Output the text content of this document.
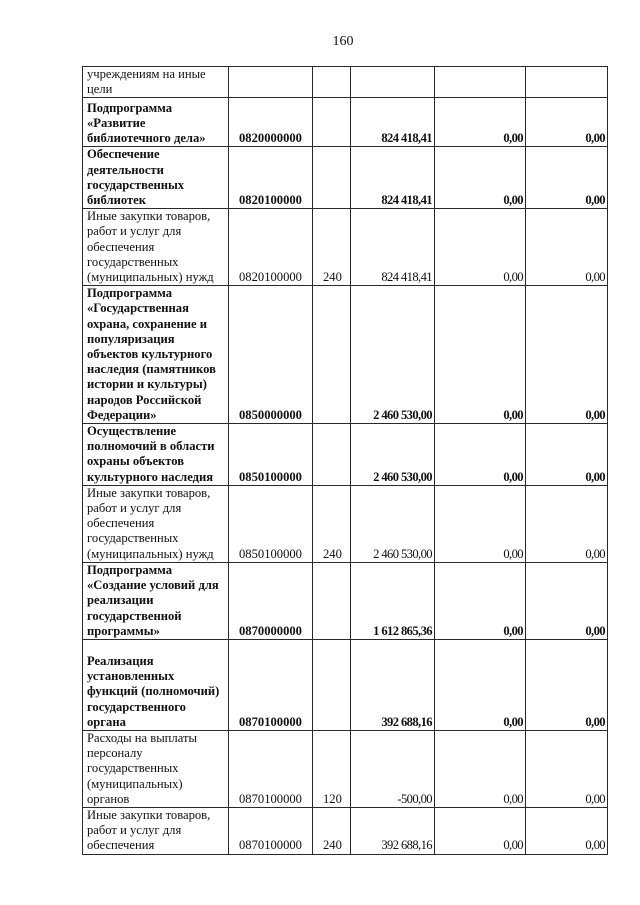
160
учреждениям на иные цели					
Подпрограмма «Развитие библиотечного дела»	0820000000		824 418,41	0,00	0,00
Обеспечение деятельности государственных библиотек	0820100000		824 418,41	0,00	0,00
Иные закупки товаров, работ и услуг для обеспечения государственных (муниципальных) нужд	0820100000	240	824 418,41	0,00	0,00
Подпрограмма «Государственная охрана, сохранение и популяризация объектов культурного наследия (памятников истории и культуры) народов Российской Федерации»	0850000000		2 460 530,00	0,00	0,00
Осуществление полномочий в области охраны объектов культурного наследия	0850100000		2 460 530,00	0,00	0,00
Иные закупки товаров, работ и услуг для обеспечения государственных (муниципальных) нужд	0850100000	240	2 460 530,00	0,00	0,00
Подпрограмма «Создание условий для реализации государственной программы»	0870000000		1 612 865,36	0,00	0,00
Реализация установленных функций (полномочий) государственного органа	0870100000		392 688,16	0,00	0,00
Расходы на выплаты персоналу государственных (муниципальных) органов	0870100000	120	-500,00	0,00	0,00
Иные закупки товаров, работ и услуг для обеспечения	0870100000	240	392 688,16	0,00	0,00
